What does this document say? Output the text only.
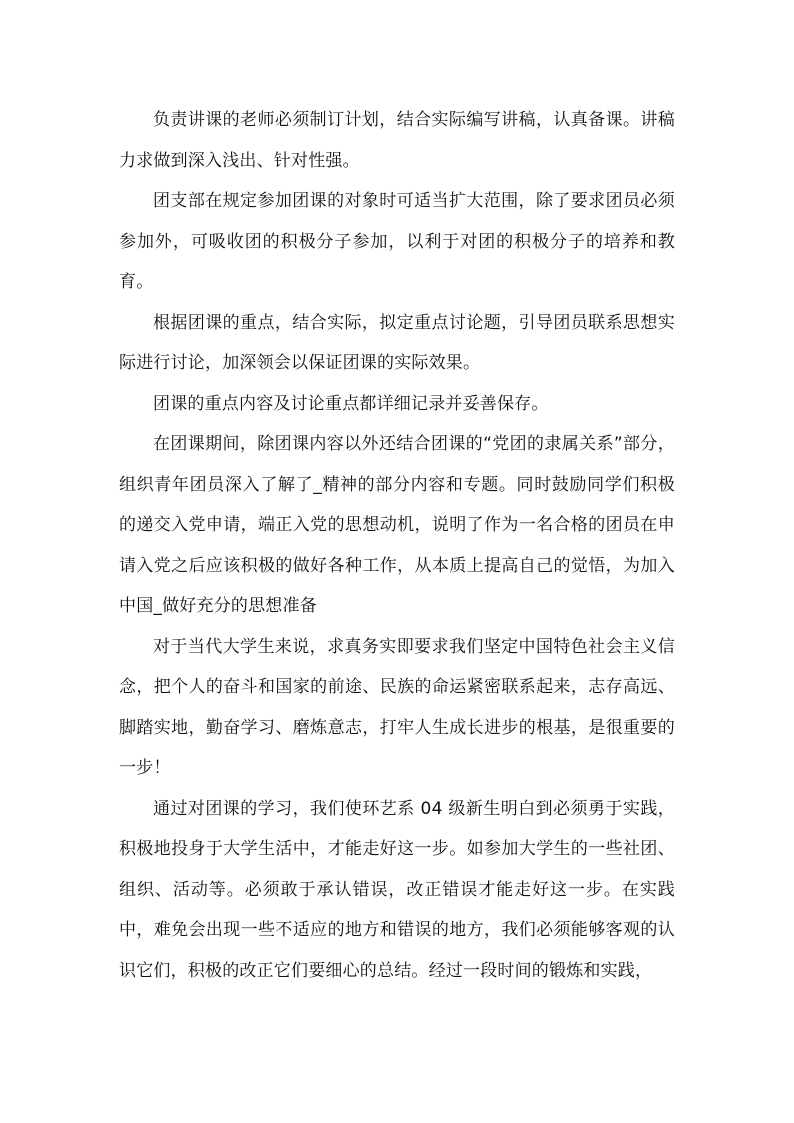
负责讲课的老师必须制订计划，结合实际编写讲稿，认真备课。讲稿力求做到深入浅出、针对性强。

团支部在规定参加团课的对象时可适当扩大范围，除了要求团员必须参加外，可吸收团的积极分子参加，以利于对团的积极分子的培养和教育。

根据团课的重点，结合实际，拟定重点讨论题，引导团员联系思想实际进行讨论，加深领会以保证团课的实际效果。

团课的重点内容及讨论重点都详细记录并妥善保存。

在团课期间，除团课内容以外还结合团课的“党团的隶属关系”部分，组织青年团员深入了解了_精神的部分内容和专题。同时鼓励同学们积极的递交入党申请，端正入党的思想动机，说明了作为一名合格的团员在申请入党之后应该积极的做好各种工作，从本质上提高自己的觉悟，为加入中国_做好充分的思想准备

对于当代大学生来说，求真务实即要求我们坚定中国特色社会主义信念，把个人的奋斗和国家的前途、民族的命运紧密联系起来，志存高远、脚踏实地，勤奋学习、磨炼意志，打牢人生成长进步的根基，是很重要的一步！

通过对团课的学习，我们使环艺系 04 级新生明白到必须勇于实践，积极地投身于大学生活中，才能走好这一步。如参加大学生的一些社团、组织、活动等。必须敢于承认错误，改正错误才能走好这一步。在实践中，难免会出现一些不适应的地方和错误的地方，我们必须能够客观的认识它们，积极的改正它们要细心的总结。经过一段时间的锻炼和实践，
